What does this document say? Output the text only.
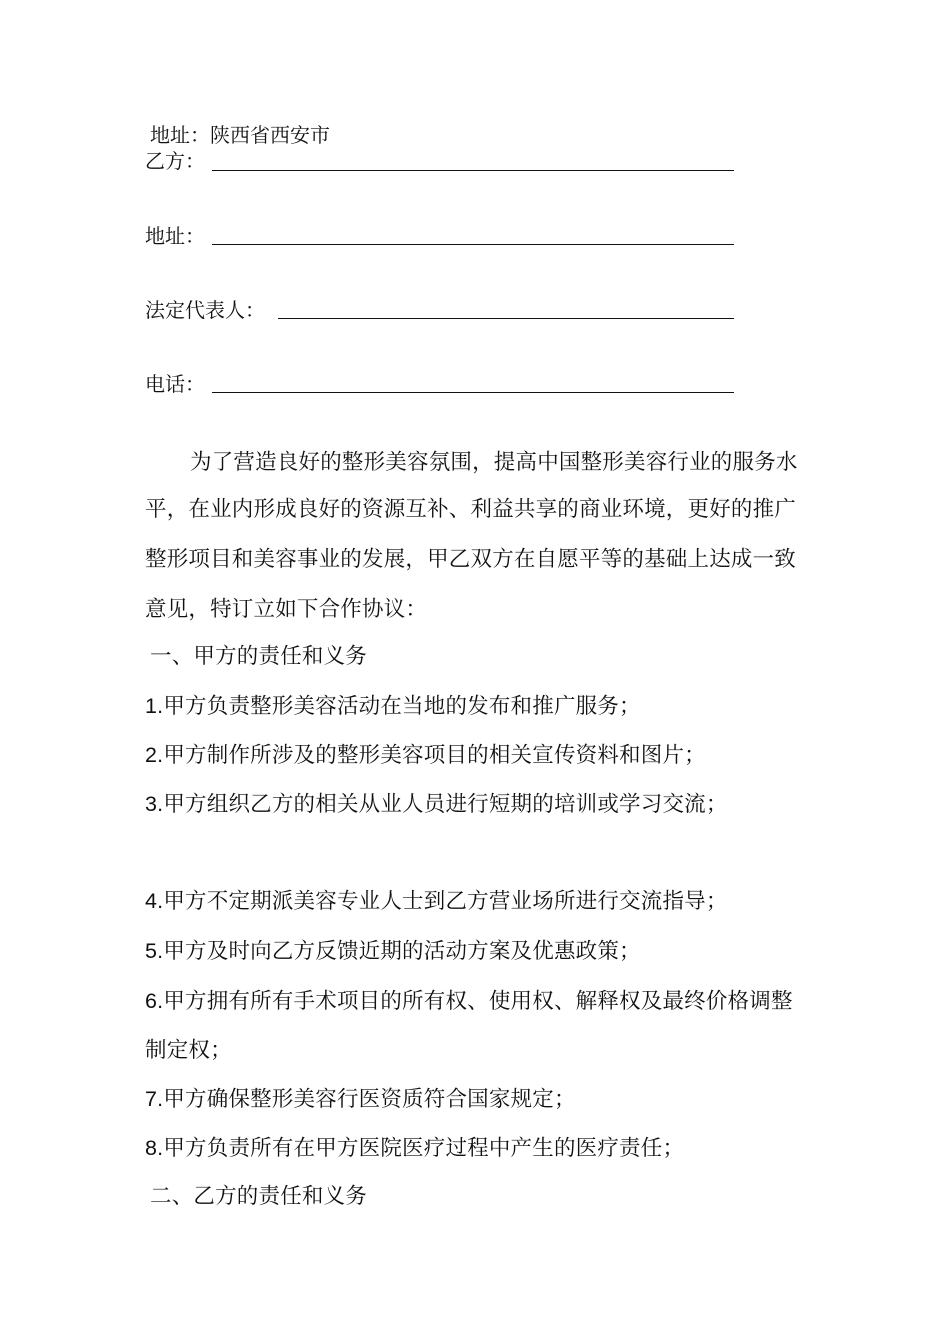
地址：陕西省西安市
乙方：
地址：
法定代表人：
电话：
为了营造良好的整形美容氛围，提高中国整形美容行业的服务水
平，在业内形成良好的资源互补、利益共享的商业环境，更好的推广
整形项目和美容事业的发展，甲乙双方在自愿平等的基础上达成一致
意见，特订立如下合作协议：
一、甲方的责任和义务
1.甲方负责整形美容活动在当地的发布和推广服务；
2.甲方制作所涉及的整形美容项目的相关宣传资料和图片；
3.甲方组织乙方的相关从业人员进行短期的培训或学习交流；
4.甲方不定期派美容专业人士到乙方营业场所进行交流指导；
5.甲方及时向乙方反馈近期的活动方案及优惠政策；
6.甲方拥有所有手术项目的所有权、使用权、解释权及最终价格调整
制定权；
7.甲方确保整形美容行医资质符合国家规定；
8.甲方负责所有在甲方医院医疗过程中产生的医疗责任；
二、乙方的责任和义务
